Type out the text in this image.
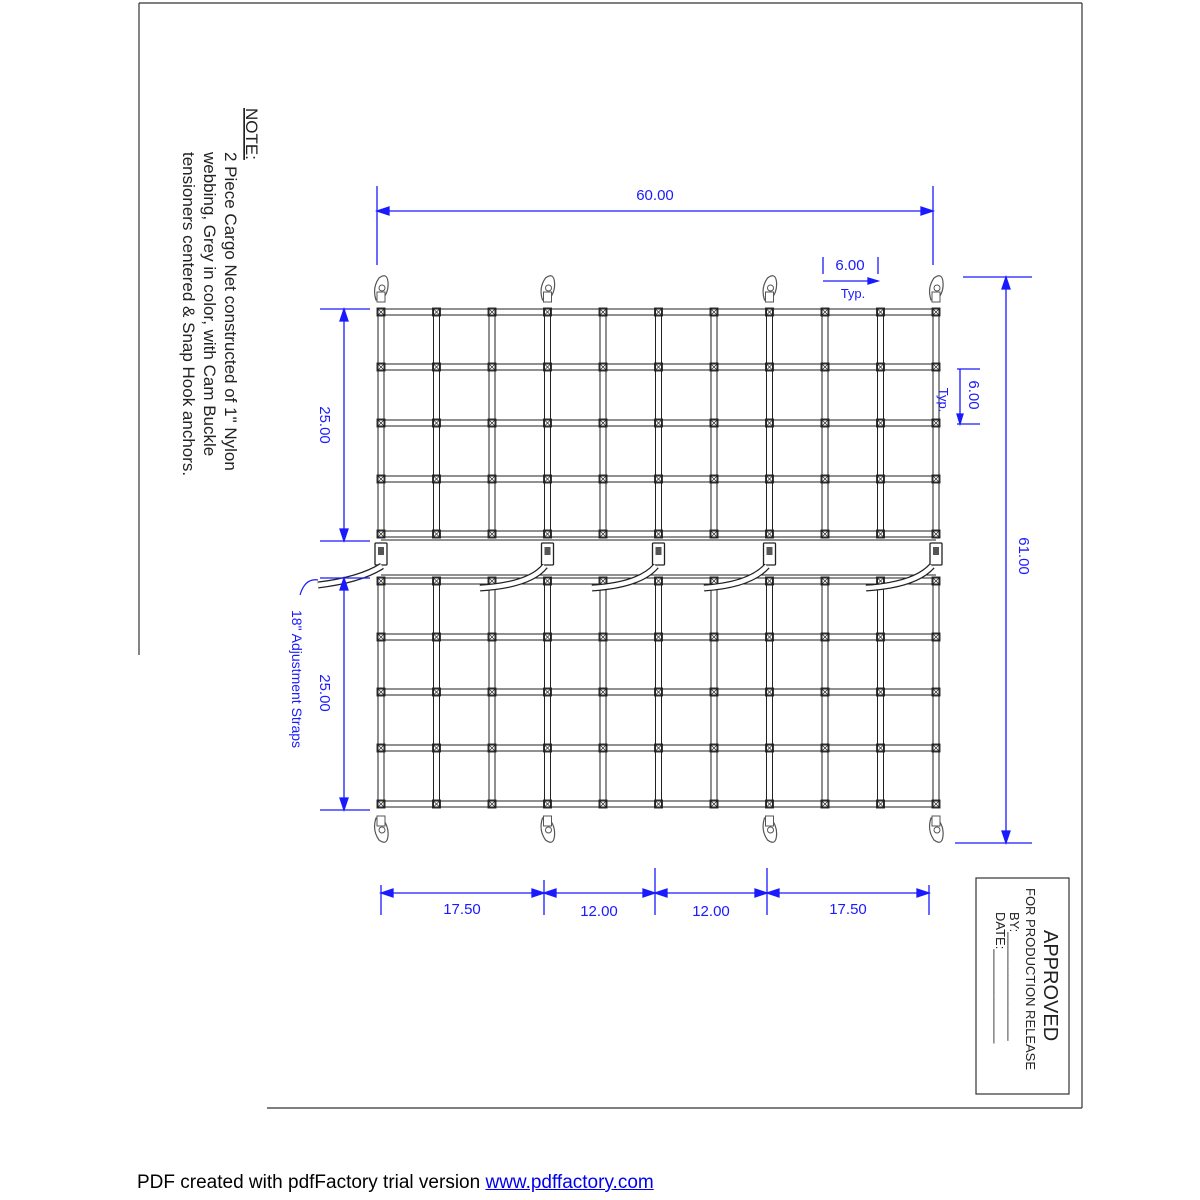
NOTE:
2 Piece Cargo Net constructed of 1" Nylon
webbing, Grey in color, with Cam Buckle
tensioners centered & Snap Hook anchors.	60.00
6.00
Typ.
17.50	12.00	12.00	17.50
61.00
6.00
Typ.
25.00
25.00
18" Adjustment Straps
APPROVED
FOR PRODUCTION RELEASE
BY:_______________
DATE:_____________
PDF created with pdfFactory trial version www.pdffactory.com
